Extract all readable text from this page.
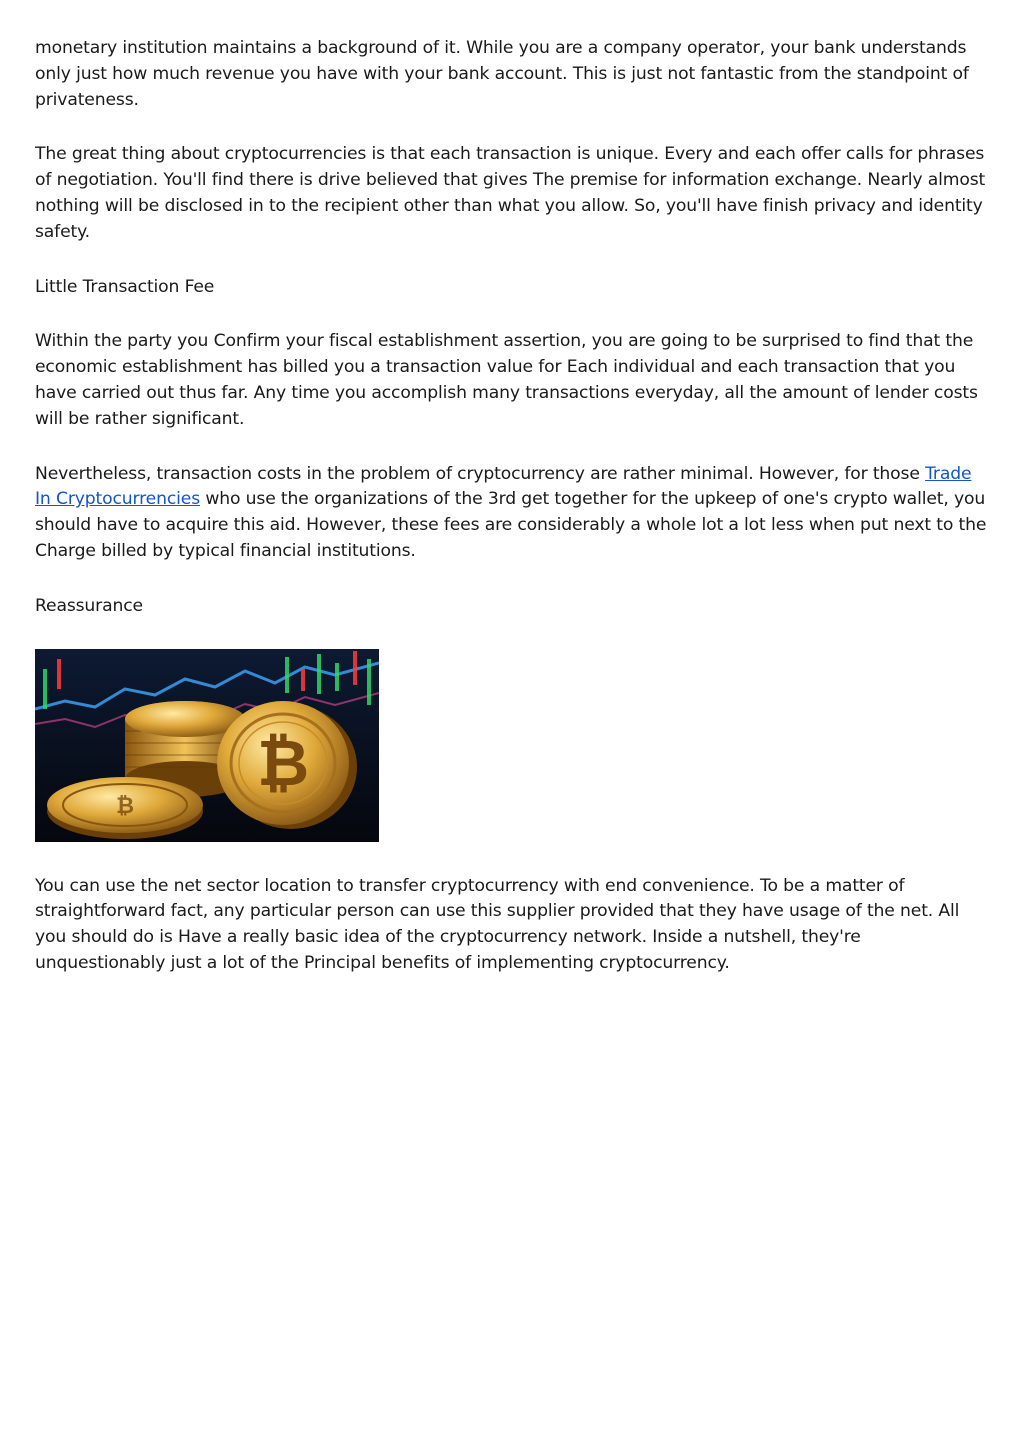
monetary institution maintains a background of it. While you are a company operator, your bank understands only just how much revenue you have with your bank account. This is just not fantastic from the standpoint of privateness.

The great thing about cryptocurrencies is that each transaction is unique. Every and each offer calls for phrases of negotiation. You'll find there is drive believed that gives The premise for information exchange. Nearly almost nothing will be disclosed in to the recipient other than what you allow. So, you'll have finish privacy and identity safety.

Little Transaction Fee

Within the party you Confirm your fiscal establishment assertion, you are going to be surprised to find that the economic establishment has billed you a transaction value for Each individual and each transaction that you have carried out thus far. Any time you accomplish many transactions everyday, all the amount of lender costs will be rather significant.

Nevertheless, transaction costs in the problem of cryptocurrency are rather minimal. However, for those Trade In Cryptocurrencies who use the organizations of the 3rd get together for the upkeep of one's crypto wallet, you should have to acquire this aid. However, these fees are considerably a whole lot a lot less when put next to the Charge billed by typical financial institutions.

Reassurance

₿
₿

You can use the net sector location to transfer cryptocurrency with end convenience. To be a matter of straightforward fact, any particular person can use this supplier provided that they have usage of the net. All you should do is Have a really basic idea of the cryptocurrency network. Inside a nutshell, they're unquestionably just a lot of the Principal benefits of implementing cryptocurrency.
